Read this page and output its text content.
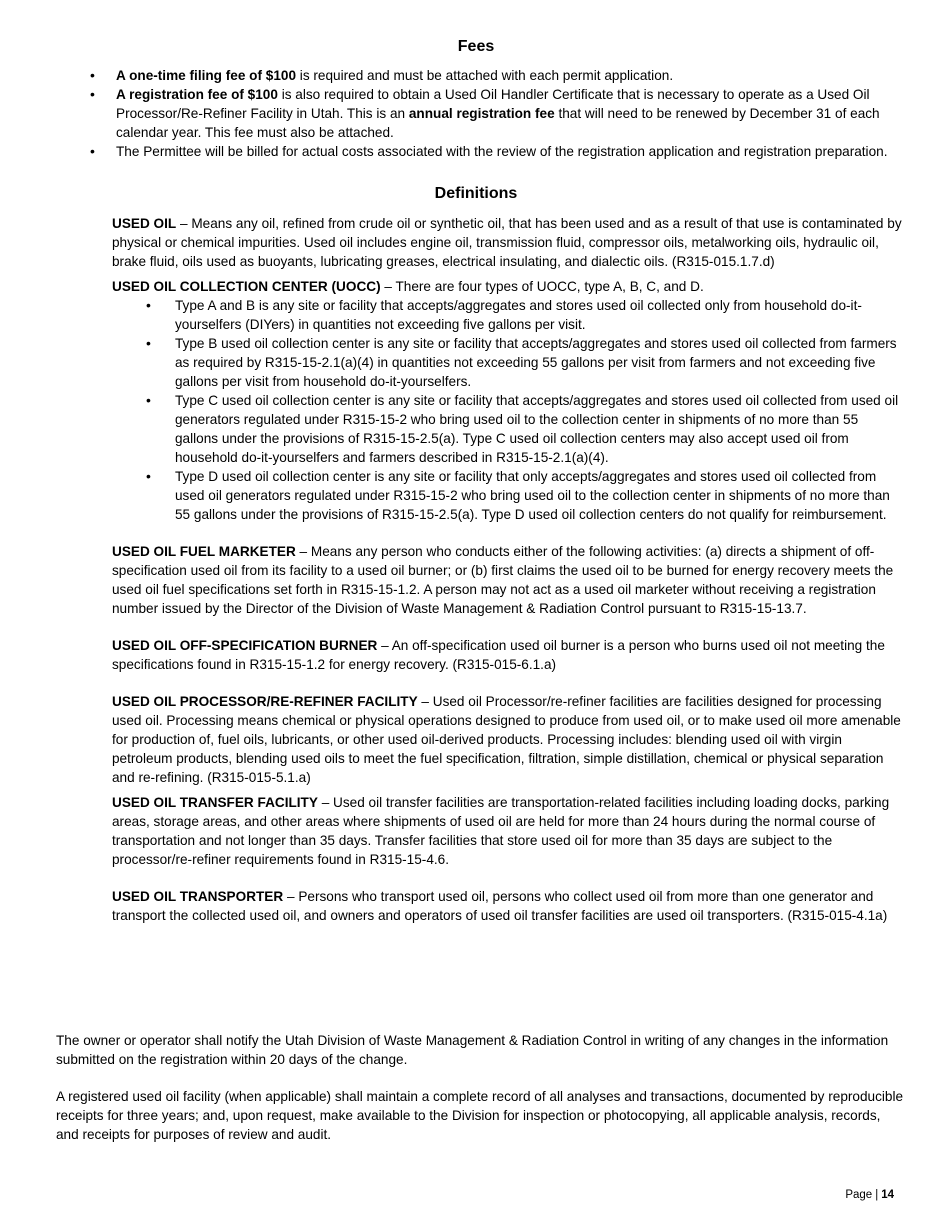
Fees
• A one-time filing fee of $100 is required and must be attached with each permit application.
• A registration fee of $100 is also required to obtain a Used Oil Handler Certificate that is necessary to operate as a Used Oil Processor/Re-Refiner Facility in Utah. This is an annual registration fee that will need to be renewed by December 31 of each calendar year. This fee must also be attached.
• The Permittee will be billed for actual costs associated with the review of the registration application and registration preparation.
Definitions

USED OIL – Means any oil, refined from crude oil or synthetic oil, that has been used and as a result of that use is contaminated by physical or chemical impurities. Used oil includes engine oil, transmission fluid, compressor oils, metalworking oils, hydraulic oil, brake fluid, oils used as buoyants, lubricating greases, electrical insulating, and dialectic oils. (R315-015.1.7.d)

USED OIL COLLECTION CENTER (UOCC) – There are four types of UOCC, type A, B, C, and D.

• Type A and B is any site or facility that accepts/aggregates and stores used oil collected only from household do-it-yourselfers (DIYers) in quantities not exceeding five gallons per visit.
• Type B used oil collection center is any site or facility that accepts/aggregates and stores used oil collected from farmers as required by R315-15-2.1(a)(4) in quantities not exceeding 55 gallons per visit from farmers and not exceeding five gallons per visit from household do-it-yourselfers.
• Type C used oil collection center is any site or facility that accepts/aggregates and stores used oil collected from used oil generators regulated under R315-15-2 who bring used oil to the collection center in shipments of no more than 55 gallons under the provisions of R315-15-2.5(a). Type C used oil collection centers may also accept used oil from household do-it-yourselfers and farmers described in R315-15-2.1(a)(4).
• Type D used oil collection center is any site or facility that only accepts/aggregates and stores used oil collected from used oil generators regulated under R315-15-2 who bring used oil to the collection center in shipments of no more than 55 gallons under the provisions of R315-15-2.5(a). Type D used oil collection centers do not qualify for reimbursement.

USED OIL FUEL MARKETER – Means any person who conducts either of the following activities: (a) directs a shipment of off-specification used oil from its facility to a used oil burner; or (b) first claims the used oil to be burned for energy recovery meets the used oil fuel specifications set forth in R315-15-1.2. A person may not act as a used oil marketer without receiving a registration number issued by the Director of the Division of Waste Management & Radiation Control pursuant to R315-15-13.7.

USED OIL OFF-SPECIFICATION BURNER – An off-specification used oil burner is a person who burns used oil not meeting the specifications found in R315-15-1.2 for energy recovery. (R315-015-6.1.a)

USED OIL PROCESSOR/RE-REFINER FACILITY – Used oil Processor/re-refiner facilities are facilities designed for processing used oil. Processing means chemical or physical operations designed to produce from used oil, or to make used oil more amenable for production of, fuel oils, lubricants, or other used oil-derived products. Processing includes: blending used oil with virgin petroleum products, blending used oils to meet the fuel specification, filtration, simple distillation, chemical or physical separation and re-refining. (R315-015-5.1.a)

USED OIL TRANSFER FACILITY – Used oil transfer facilities are transportation-related facilities including loading docks, parking areas, storage areas, and other areas where shipments of used oil are held for more than 24 hours during the normal course of transportation and not longer than 35 days. Transfer facilities that store used oil for more than 35 days are subject to the processor/re-refiner requirements found in R315-15-4.6.

USED OIL TRANSPORTER – Persons who transport used oil, persons who collect used oil from more than one generator and transport the collected used oil, and owners and operators of used oil transfer facilities are used oil transporters. (R315-015-4.1a)

The owner or operator shall notify the Utah Division of Waste Management & Radiation Control in writing of any changes in the information submitted on the registration within 20 days of the change.

A registered used oil facility (when applicable) shall maintain a complete record of all analyses and transactions, documented by reproducible receipts for three years; and, upon request, make available to the Division for inspection or photocopying, all applicable analysis, records, and receipts for purposes of review and audit.

Page | 14
